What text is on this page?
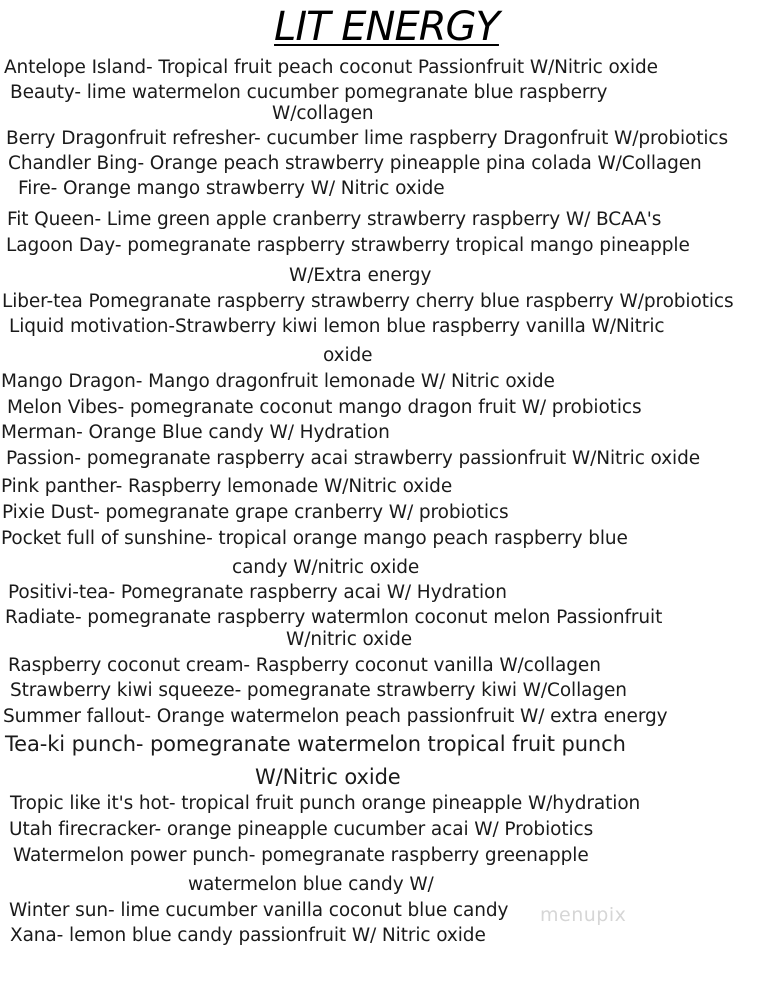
LIT ENERGY
Antelope Island- Tropical fruit peach coconut Passionfruit W/Nitric oxide
Beauty- lime watermelon cucumber pomegranate blue raspberry
W/collagen
Berry Dragonfruit refresher- cucumber lime raspberry Dragonfruit W/probiotics
Chandler Bing- Orange peach strawberry pineapple pina colada W/Collagen
Fire- Orange mango strawberry W/ Nitric oxide
Fit Queen- Lime green apple cranberry strawberry raspberry W/ BCAA's
Lagoon Day- pomegranate raspberry strawberry tropical mango pineapple
W/Extra energy
Liber-tea Pomegranate raspberry strawberry cherry blue raspberry W/probiotics
Liquid motivation-Strawberry kiwi lemon blue raspberry vanilla W/Nitric
oxide
Mango Dragon- Mango dragonfruit lemonade W/ Nitric oxide
Melon Vibes- pomegranate coconut mango dragon fruit W/ probiotics
Merman- Orange Blue candy W/ Hydration
Passion- pomegranate raspberry acai strawberry passionfruit W/Nitric oxide
Pink panther- Raspberry lemonade W/Nitric oxide
Pixie Dust- pomegranate grape cranberry W/ probiotics
Pocket full of sunshine- tropical orange mango peach raspberry blue
candy W/nitric oxide
Positivi-tea- Pomegranate raspberry acai W/ Hydration
Radiate- pomegranate raspberry watermlon coconut melon Passionfruit
W/nitric oxide
Raspberry coconut cream- Raspberry coconut vanilla W/collagen
Strawberry kiwi squeeze- pomegranate strawberry kiwi W/Collagen
Summer fallout- Orange watermelon peach passionfruit W/ extra energy
Tea-ki punch- pomegranate watermelon tropical fruit punch
W/Nitric oxide
Tropic like it's hot- tropical fruit punch orange pineapple W/hydration
Utah firecracker- orange pineapple cucumber acai W/ Probiotics
Watermelon power punch- pomegranate raspberry greenapple
watermelon blue candy W/
Winter sun- lime cucumber vanilla coconut blue candy
Xana- lemon blue candy passionfruit W/ Nitric oxide
menupix
